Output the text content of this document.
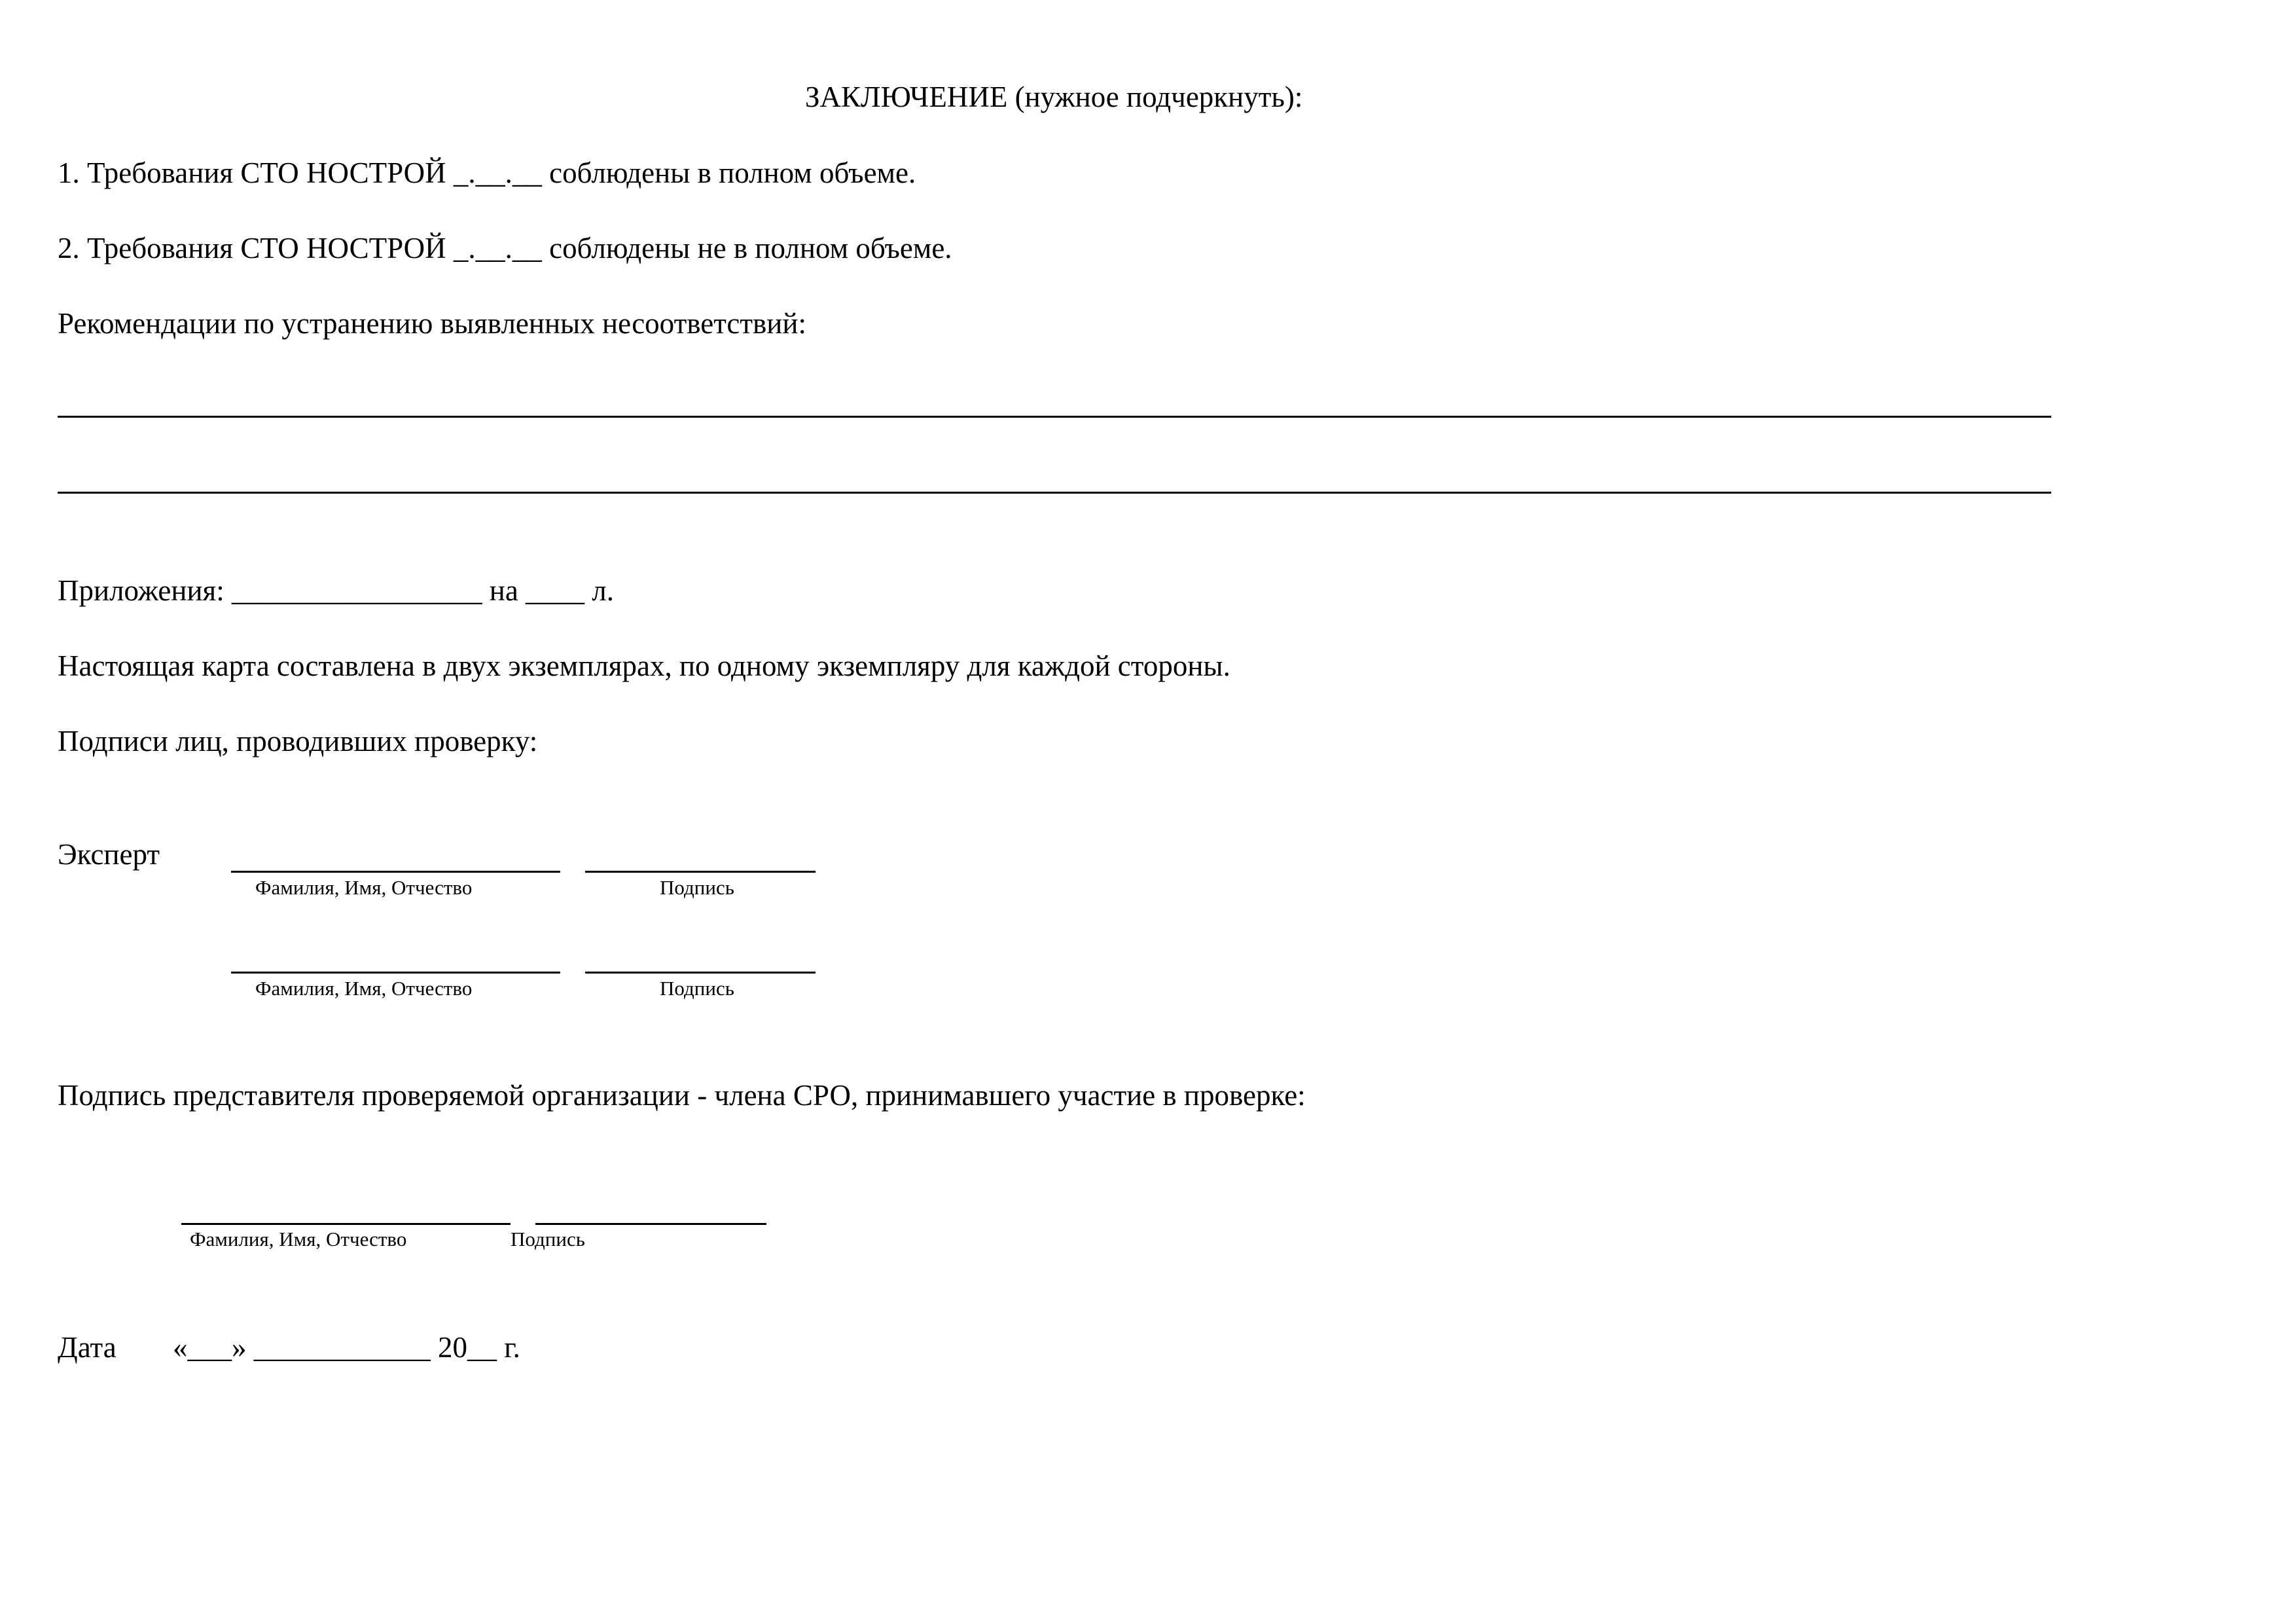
ЗАКЛЮЧЕНИЕ (нужное подчеркнуть):
1. Требования СТО НОСТРОЙ _.__.__ соблюдены в полном объеме.
2. Требования СТО НОСТРОЙ _.__.__ соблюдены не в полном объеме.
Рекомендации по устранению выявленных несоответствий:
Приложения: _________________ на ____ л.
Настоящая карта составлена в двух экземплярах, по одному экземпляру для каждой стороны.
Подписи лиц, проводивших проверку:
Эксперт
Фамилия, Имя, Отчество	Подпись
Фамилия, Имя, Отчество	Подпись
Подпись представителя проверяемой организации - члена СРО, принимавшего участие в проверке:
Фамилия, Имя, Отчество	Подпись
Дата «___» ____________ 20__ г.
